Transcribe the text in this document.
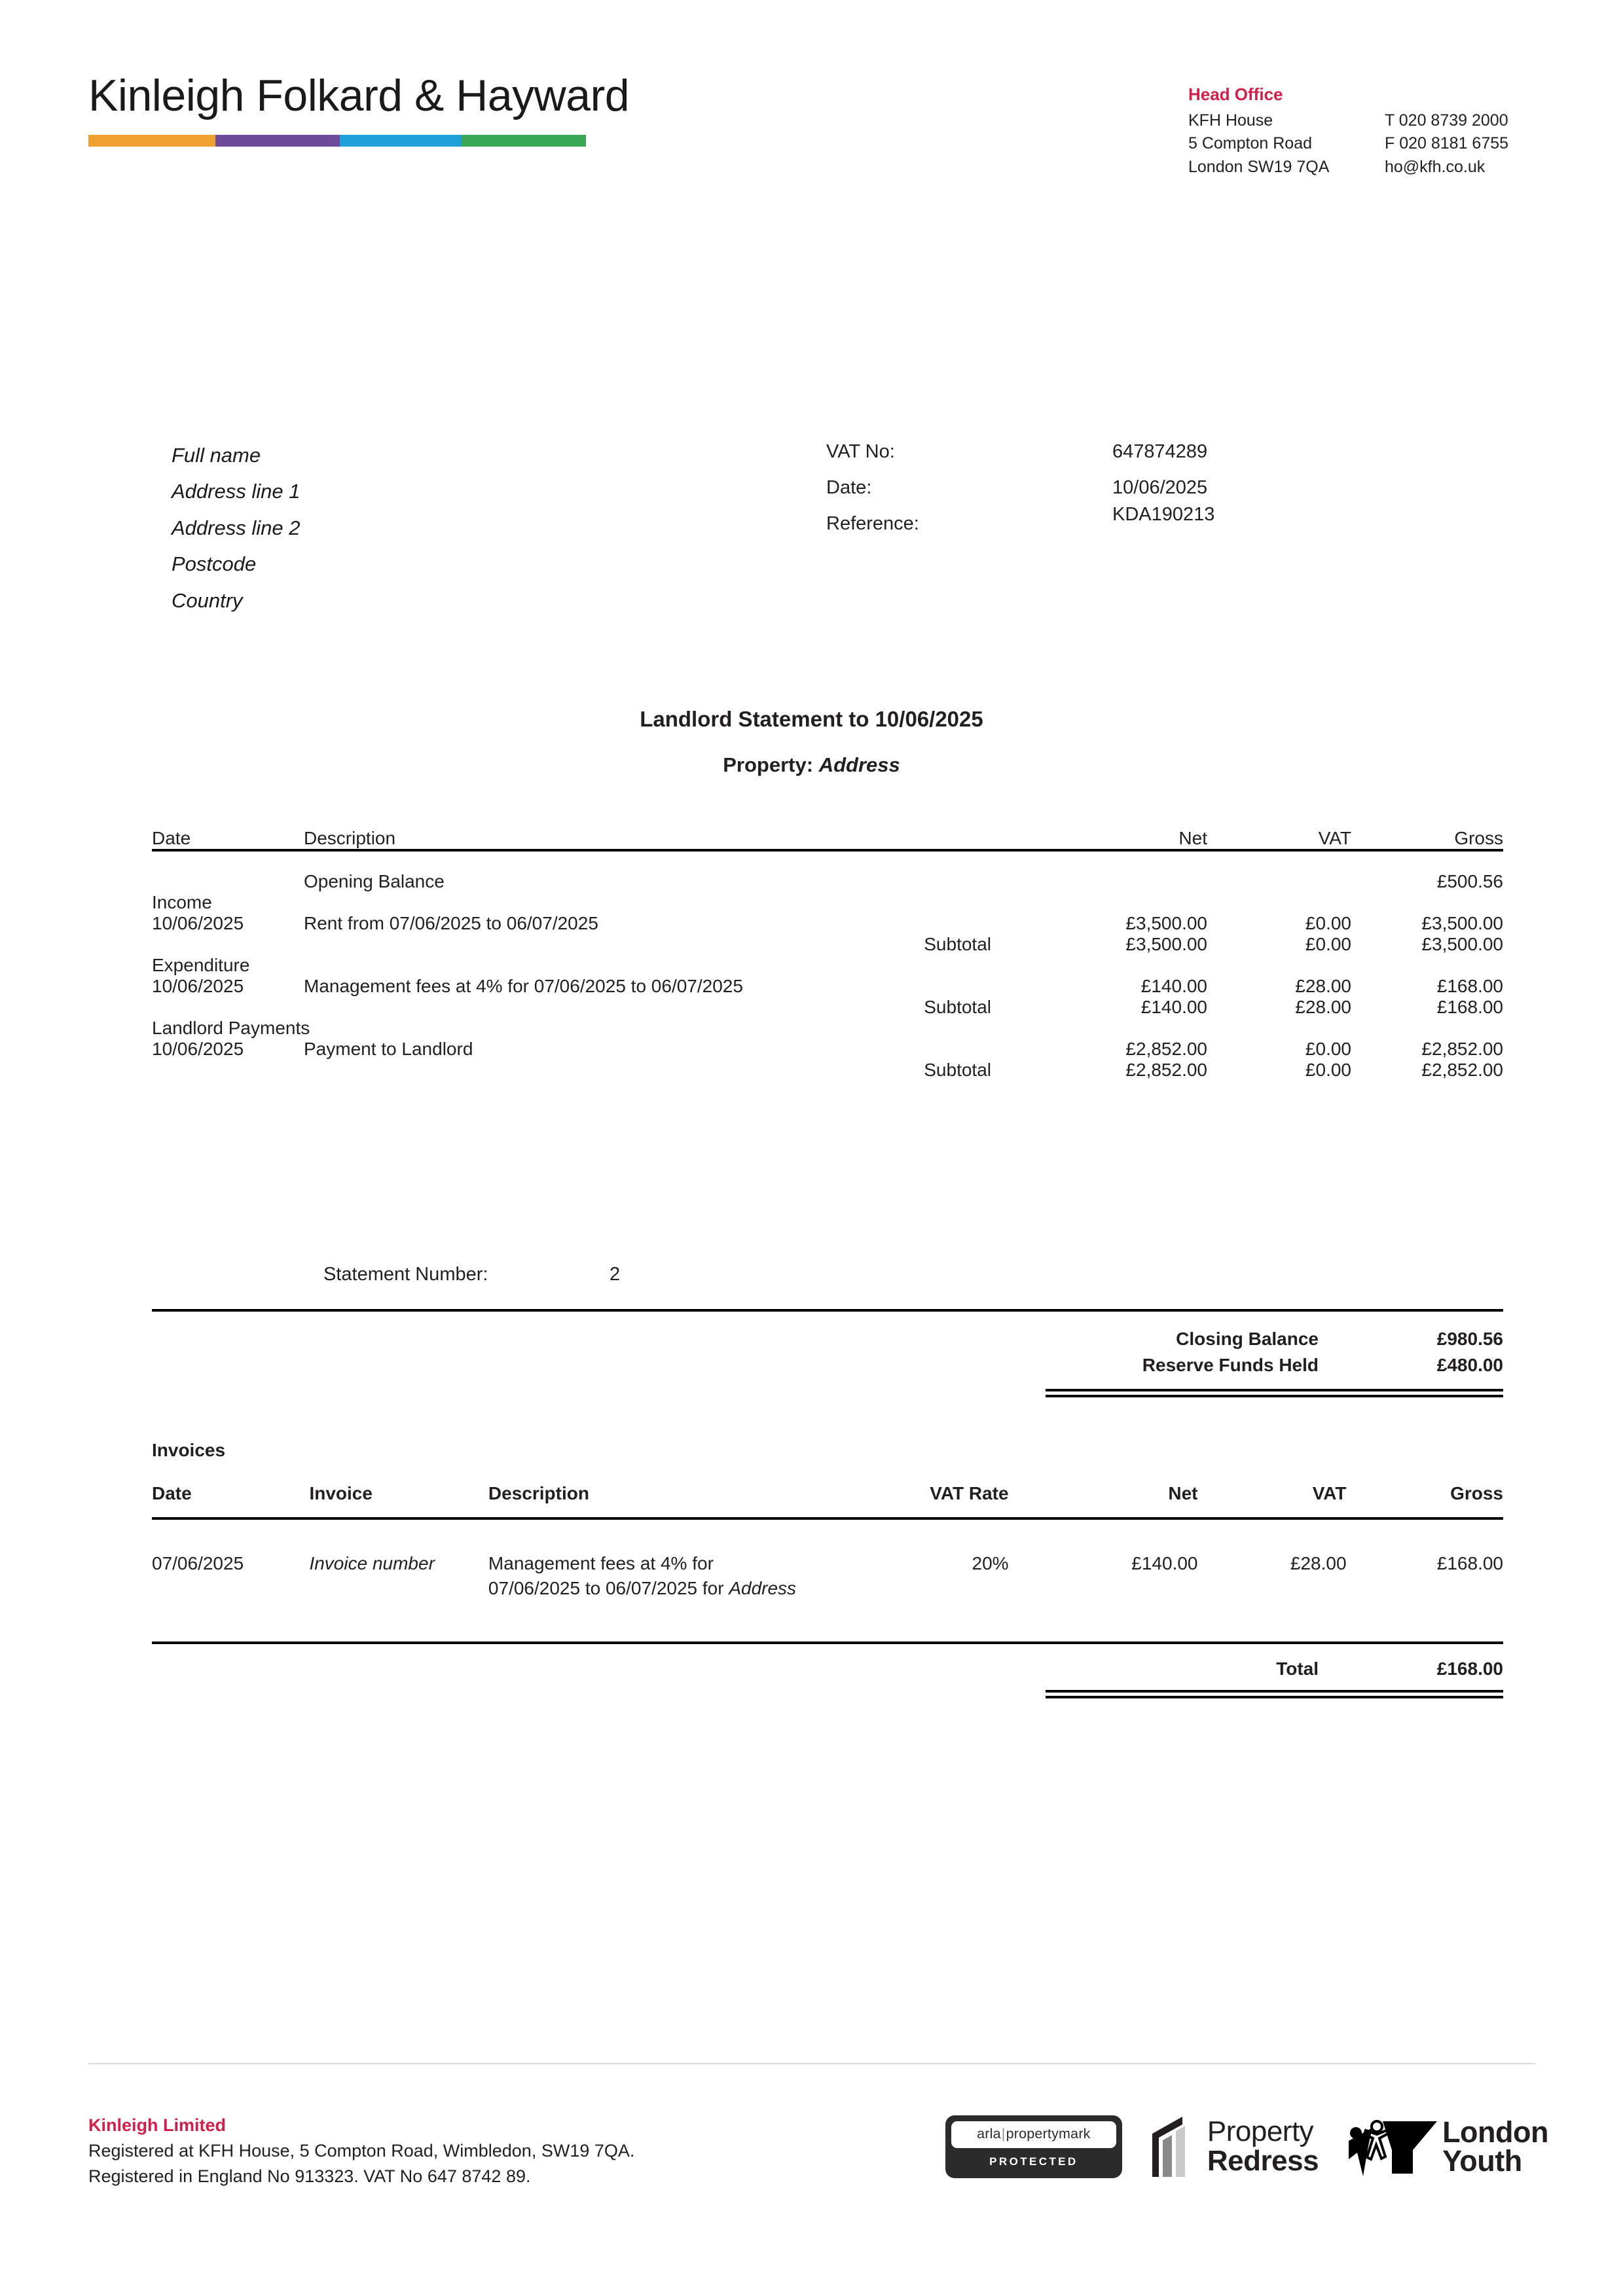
Kinleigh Folkard & Hayward	Head Office
KFH House
5 Compton Road
London SW19 7QA
T 020 8739 2000
F 020 8181 6755
ho@kfh.co.uk
Full name
Address line 1
Address line 2
Postcode
Country
VAT No:	647874289
Date:	10/06/2025
Reference:	KDA190213
Statement Number:	2
Landlord Statement to 10/06/2025
Property: Address
Date	Description	Net	VAT	Gross

	Opening Balance			£500.56
Income				
10/06/2025	Rent from 07/06/2025 to 06/07/2025	£3,500.00	£0.00	£3,500.00
Subtotal		£3,500.00	£0.00	£3,500.00
Expenditure				
10/06/2025	Management fees at 4% for 07/06/2025 to 06/07/2025	£140.00	£28.00	£168.00
Subtotal		£140.00	£28.00	£168.00
Landlord Payments				
10/06/2025	Payment to Landlord	£2,852.00	£0.00	£2,852.00
Subtotal		£2,852.00	£0.00	£2,852.00
Closing Balance	£980.56
Reserve Funds Held	£480.00
Invoices
Date	Invoice	Description	VAT Rate	Net	VAT	Gross

07/06/2025	Invoice number	Management fees at 4% for 07/06/2025 to 06/07/2025 for Address	20%	£140.00	£28.00	£168.00
Total	£168.00
Kinleigh Limited
Registered at KFH House, 5 Compton Road, Wimbledon, SW19 7QA.
Registered in England No 913323. VAT No 647 8742 89.
arla|propertymark
PROTECTED
Property
Redress
London
Youth
